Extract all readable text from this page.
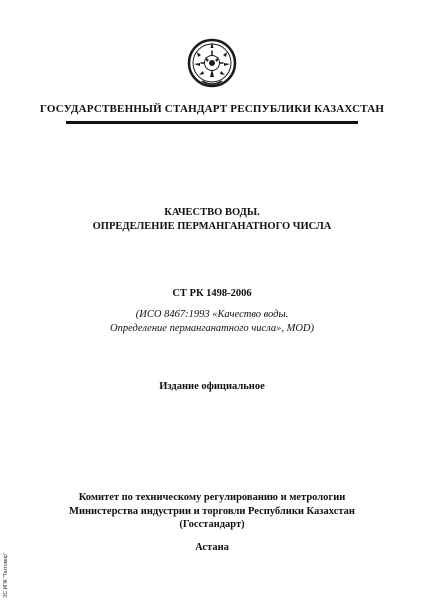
ГОСУДАРСТВЕННЫЙ СТАНДАРТ РЕСПУБЛИКИ КАЗАХСТАН
КАЧЕСТВО ВОДЫ.
ОПРЕДЕЛЕНИЕ ПЕРМАНГАНАТНОГО ЧИСЛА
СТ РК 1498-2006
(ИСО 8467:1993 «Качество воды.
Определение перманганатного числа», MOD)
Издание официальное
Комитет по техническому регулированию и метрологии
Министерства индустрии и торговли Республики Казахстан
(Госстандарт)
Астана
ЭС ИПК "Тектомир"
